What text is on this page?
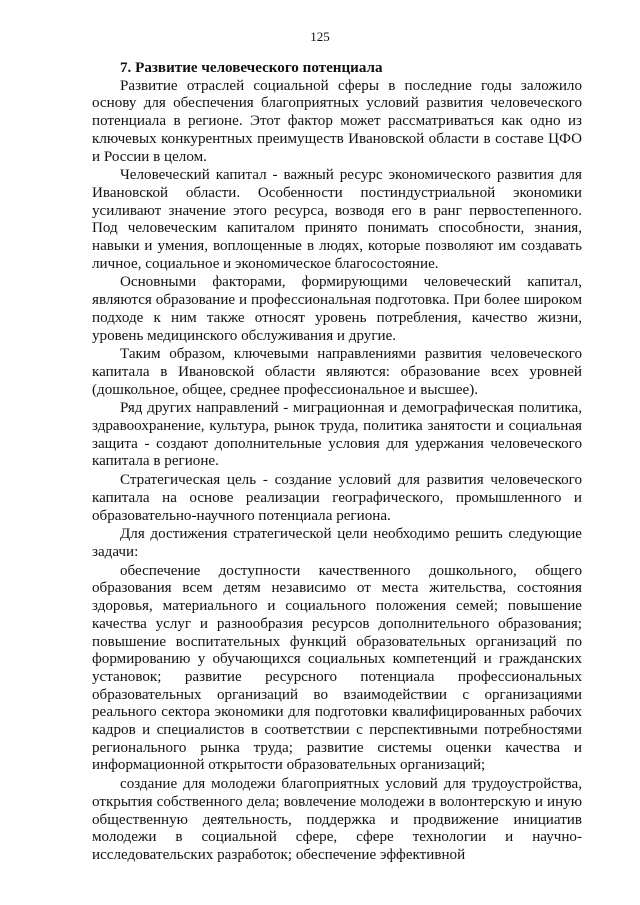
125

7. Развитие человеческого потенциала

Развитие отраслей социальной сферы в последние годы заложило основу для обеспечения благоприятных условий развития человеческого потенциала в регионе. Этот фактор может рассматриваться как одно из ключевых конкурентных преимуществ Ивановской области в составе ЦФО и России в целом.

Человеческий капитал - важный ресурс экономического развития для Ивановской области. Особенности постиндустриальной экономики усиливают значение этого ресурса, возводя его в ранг первостепенного. Под человеческим капиталом принято понимать способности, знания, навыки и умения, воплощенные в людях, которые позволяют им создавать личное, социальное и экономическое благосостояние.

Основными факторами, формирующими человеческий капитал, являются образование и профессиональная подготовка. При более широком подходе к ним также относят уровень потребления, качество жизни, уровень медицинского обслуживания и другие.

Таким образом, ключевыми направлениями развития человеческого капитала в Ивановской области являются: образование всех уровней (дошкольное, общее, среднее профессиональное и высшее).

Ряд других направлений - миграционная и демографическая политика, здравоохранение, культура, рынок труда, политика занятости и социальная защита - создают дополнительные условия для удержания человеческого капитала в регионе.

Стратегическая цель - создание условий для развития человеческого капитала на основе реализации географического, промышленного и образовательно-научного потенциала региона.

Для достижения стратегической цели необходимо решить следующие задачи:

обеспечение доступности качественного дошкольного, общего образования всем детям независимо от места жительства, состояния здоровья, материального и социального положения семей; повышение качества услуг и разнообразия ресурсов дополнительного образования; повышение воспитательных функций образовательных организаций по формированию у обучающихся социальных компетенций и гражданских установок; развитие ресурсного потенциала профессиональных образовательных организаций во взаимодействии с организациями реального сектора экономики для подготовки квалифицированных рабочих кадров и специалистов в соответствии с перспективными потребностями регионального рынка труда; развитие системы оценки качества и информационной открытости образовательных организаций;

создание для молодежи благоприятных условий для трудоустройства, открытия собственного дела; вовлечение молодежи в волонтерскую и иную общественную деятельность, поддержка и продвижение инициатив молодежи в социальной сфере, сфере технологии и научно-исследовательских разработок; обеспечение эффективной
